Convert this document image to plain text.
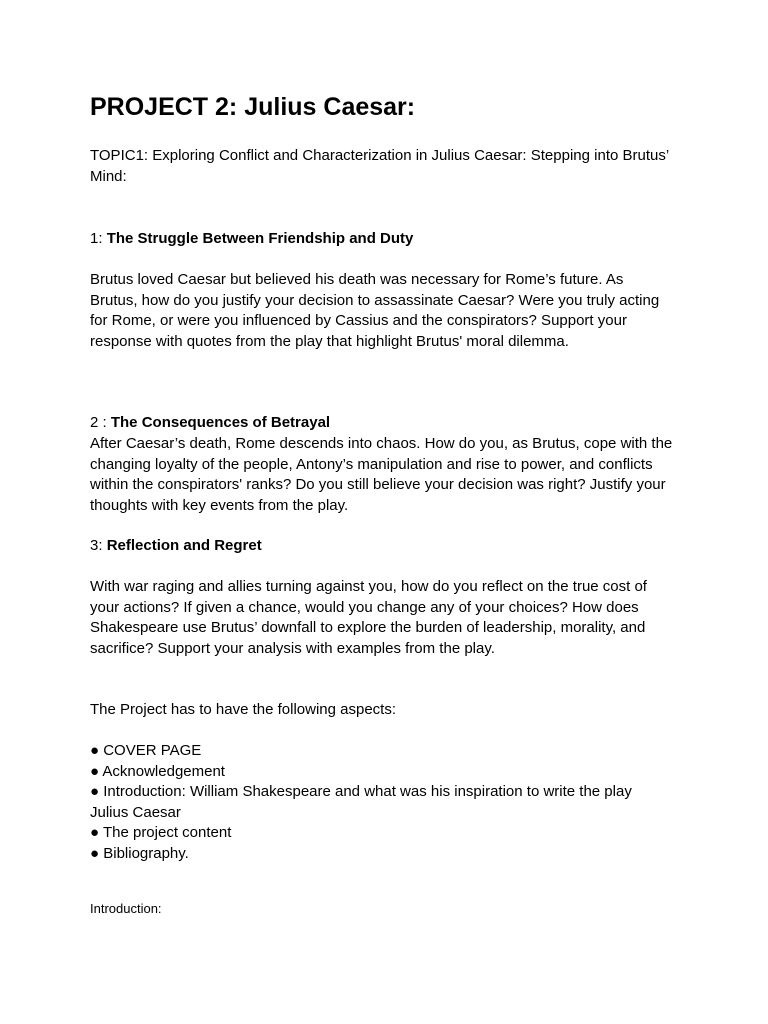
PROJECT 2: Julius Caesar:

TOPIC1: Exploring Conflict and Characterization in Julius Caesar: Stepping into Brutus’
Mind:

1: The Struggle Between Friendship and Duty

Brutus loved Caesar but believed his death was necessary for Rome’s future. As
Brutus, how do you justify your decision to assassinate Caesar? Were you truly acting
for Rome, or were you influenced by Cassius and the conspirators? Support your
response with quotes from the play that highlight Brutus' moral dilemma.

2 : The Consequences of Betrayal

After Caesar’s death, Rome descends into chaos. How do you, as Brutus, cope with the
changing loyalty of the people, Antony’s manipulation and rise to power, and conflicts
within the conspirators' ranks? Do you still believe your decision was right? Justify your
thoughts with key events from the play.

3: Reflection and Regret

With war raging and allies turning against you, how do you reflect on the true cost of
your actions? If given a chance, would you change any of your choices? How does
Shakespeare use Brutus’ downfall to explore the burden of leadership, morality, and
sacrifice? Support your analysis with examples from the play.

The Project has to have the following aspects:

● COVER PAGE
● Acknowledgement
● Introduction: William Shakespeare and what was his inspiration to write the play
Julius Caesar
● The project content
● Bibliography.

Introduction:
